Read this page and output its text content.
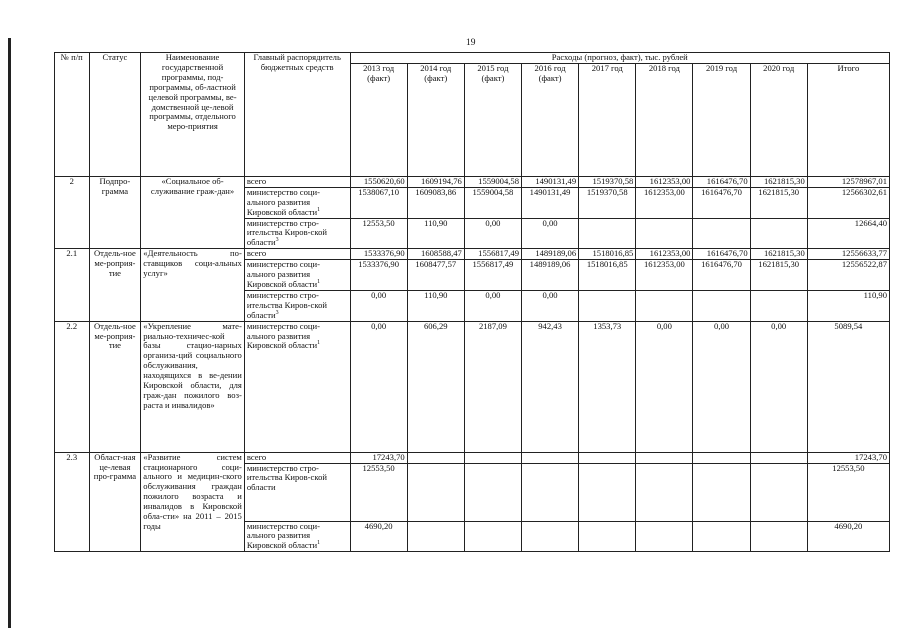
19
№ п/п	Статус	Наименование государственной программы, под-программы, об-ластной целевой программы, ве-домственной це-левой программы, отдельного меро-приятия	Главный распорядитель бюджетных средств	Расходы (прогноз, факт), тыс. рублей								
				2013 год (факт)	2014 год (факт)	2015 год (факт)	2016 год (факт)	2017 год	2018 год	2019 год	2020 год	Итого
2	Подпро-грамма	«Социальное об-служивание граж-дан»	всего	1550620,60	1609194,76	1559004,58	1490131,49	1519370,58	1612353,00	1616476,70	1621815,30	12578967,01
			министерство соци-ального развития Кировской области$^1$	1538067,10	1609083,86	1559004,58	1490131,49	1519370,58	1612353,00	1616476,70	1621815,30	12566302,61
			министерство стро-ительства Киров-ской области$^3$	12553,50	110,90	0,00	0,00					12664,40
2.1	Отдель-ное ме-роприя-тие	«Деятельность по-ставщиков соци-альных услуг»	всего	1533376,90	1608588,47	1556817,49	1489189,06	1518016,85	1612353,00	1616476,70	1621815,30	12556633,77
			министерство соци-ального развития Кировской области$^1$	1533376,90	1608477,57	1556817,49	1489189,06	1518016,85	1612353,00	1616476,70	1621815,30	12556522,87
			министерство стро-ительства Киров-ской области$^3$	0,00	110,90	0,00	0,00					110,90
2.2	Отдель-ное ме-роприя-тие	«Укрепление мате-риально-техничес-кой базы стацио-нарных организа-ций социального обслуживания, находящихся в ве-дении Кировской области, для граж-дан пожилого воз-раста и инвалидов»	министерство соци-ального развития Кировской области$^1$	0,00	606,29	2187,09	942,43	1353,73	0,00	0,00	0,00	5089,54
2.3	Област-ная це-левая про-грамма	«Развитие систем стационарного соци-ального и медицин-ского обслуживания граждан пожилого возраста и инвалидов в Кировской обла-сти» на 2011 – 2015 годы	всего	17243,70								17243,70
			министерство стро-ительства Киров-ской области	12553,50								12553,50
			министерство соци-ального развития Кировской области$^1$	4690,20								4690,20
